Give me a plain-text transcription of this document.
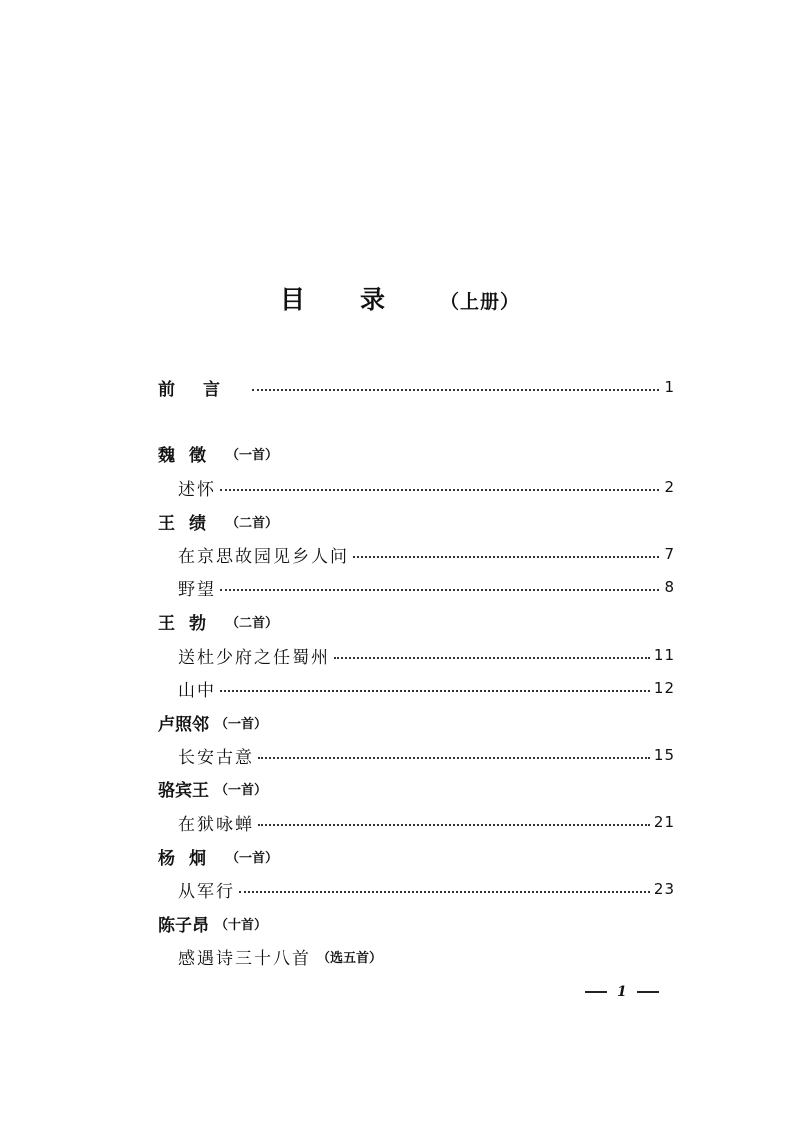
目录（上册）
前言	1
魏徵 （一首）
述怀	2
王绩 （二首）
在京思故园见乡人问	7
野望	8
王勃 （二首）
送杜少府之任蜀州	11
山中	12
卢照邻 （一首）
长安古意	15
骆宾王 （一首）
在狱咏蝉	21
杨炯 （一首）
从军行	23
陈子昂 （十首）
感遇诗三十八首 （选五首）
1
